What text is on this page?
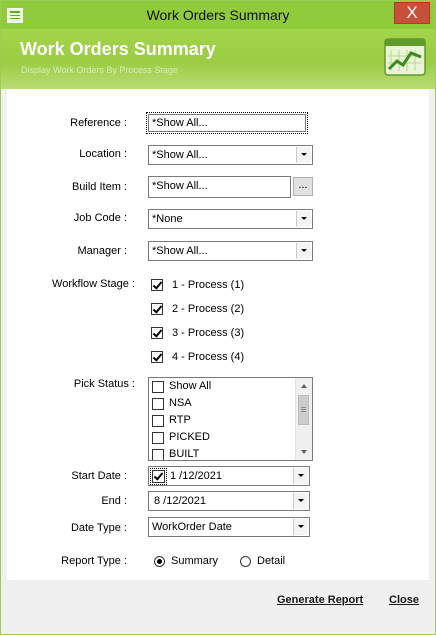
Work Orders Summary	X
Work Orders Summary
Display Work Orders By Process Stage
Reference :	*Show All...
Location : *Show All...
Build Item :	*Show All...	...
Job Code : *None
Manager : *Show All...
Workflow Stage :	1 - Process (1)
2 - Process (2)
3 - Process (3)
4 - Process (4)
Pick Status :	Show All
NSA
RTP
PICKED
BUILT
Start Date :	1 /12/2021
End : 8 /12/2021
Date Type : WorkOrder Date
Report Type :	Summary	Detail
Generate Report Close
